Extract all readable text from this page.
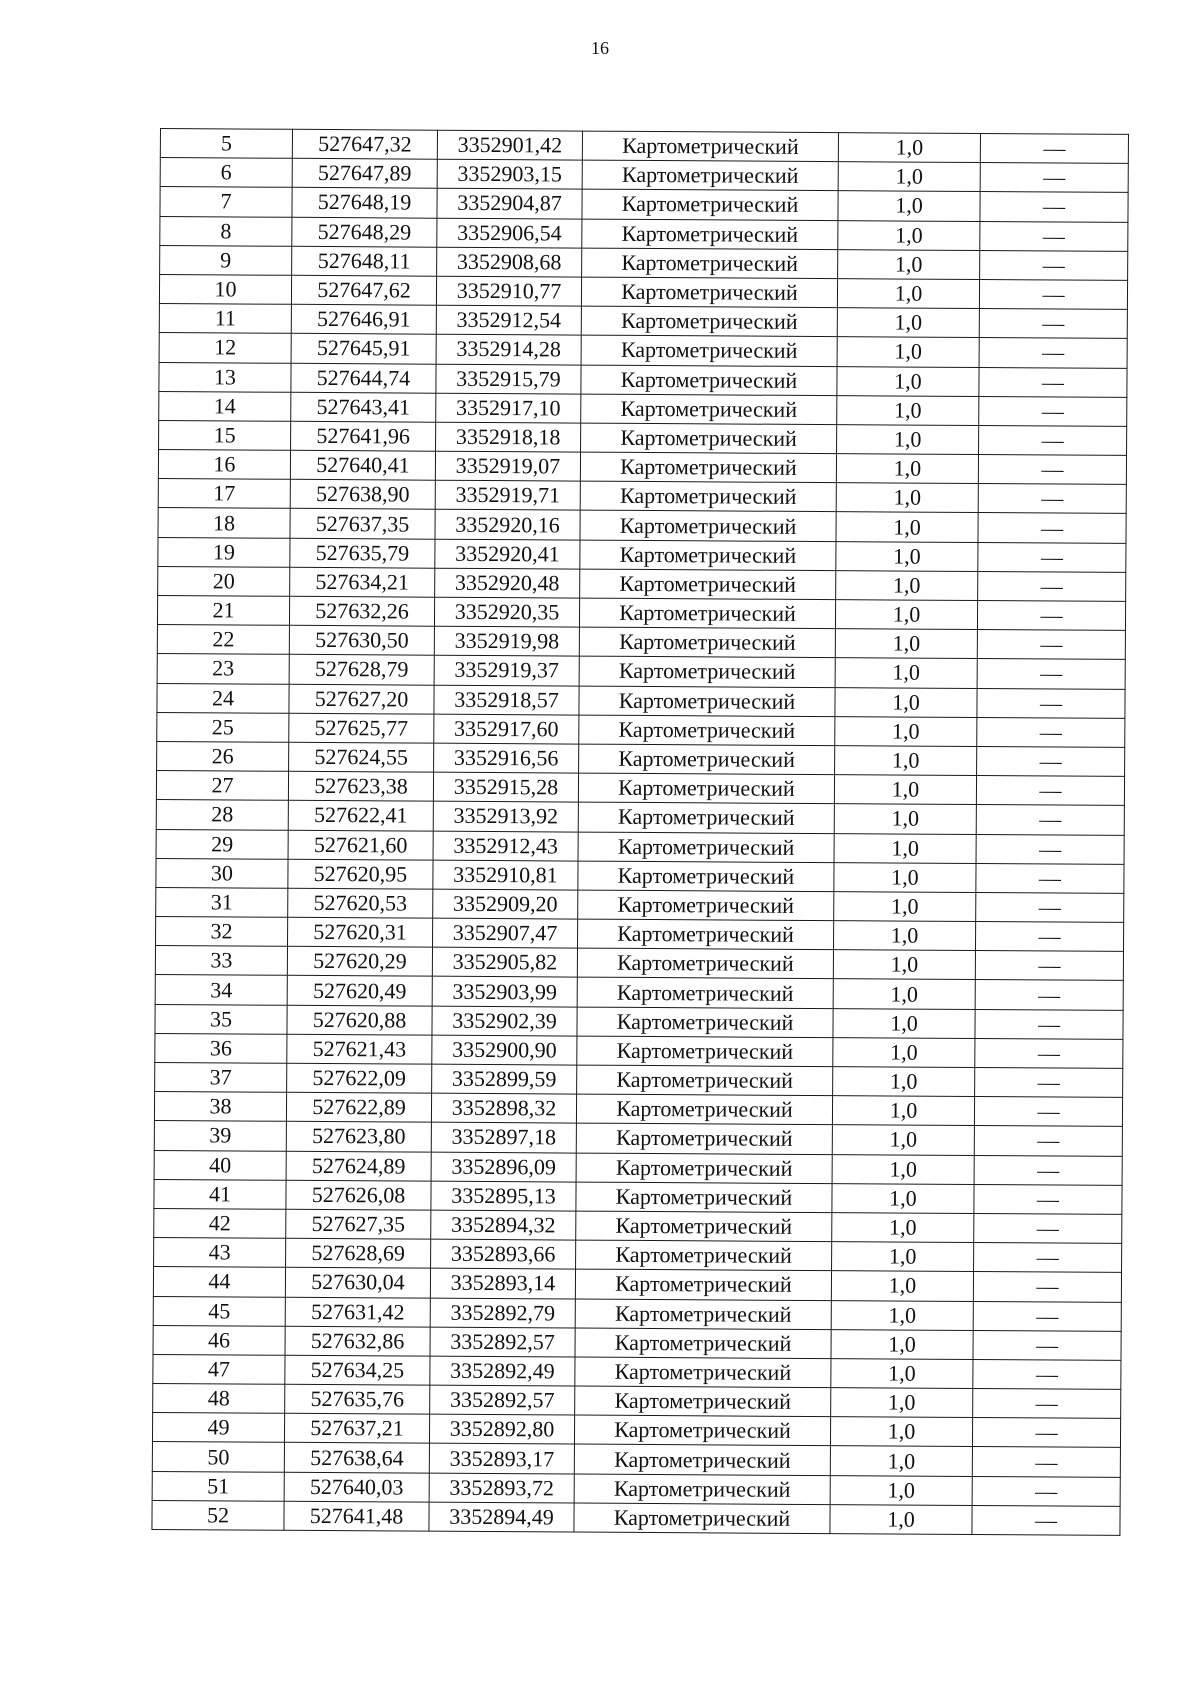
16
5	527647,32	3352901,42	Картометрический	1,0	—
6	527647,89	3352903,15	Картометрический	1,0	—
7	527648,19	3352904,87	Картометрический	1,0	—
8	527648,29	3352906,54	Картометрический	1,0	—
9	527648,11	3352908,68	Картометрический	1,0	—
10	527647,62	3352910,77	Картометрический	1,0	—
11	527646,91	3352912,54	Картометрический	1,0	—
12	527645,91	3352914,28	Картометрический	1,0	—
13	527644,74	3352915,79	Картометрический	1,0	—
14	527643,41	3352917,10	Картометрический	1,0	—
15	527641,96	3352918,18	Картометрический	1,0	—
16	527640,41	3352919,07	Картометрический	1,0	—
17	527638,90	3352919,71	Картометрический	1,0	—
18	527637,35	3352920,16	Картометрический	1,0	—
19	527635,79	3352920,41	Картометрический	1,0	—
20	527634,21	3352920,48	Картометрический	1,0	—
21	527632,26	3352920,35	Картометрический	1,0	—
22	527630,50	3352919,98	Картометрический	1,0	—
23	527628,79	3352919,37	Картометрический	1,0	—
24	527627,20	3352918,57	Картометрический	1,0	—
25	527625,77	3352917,60	Картометрический	1,0	—
26	527624,55	3352916,56	Картометрический	1,0	—
27	527623,38	3352915,28	Картометрический	1,0	—
28	527622,41	3352913,92	Картометрический	1,0	—
29	527621,60	3352912,43	Картометрический	1,0	—
30	527620,95	3352910,81	Картометрический	1,0	—
31	527620,53	3352909,20	Картометрический	1,0	—
32	527620,31	3352907,47	Картометрический	1,0	—
33	527620,29	3352905,82	Картометрический	1,0	—
34	527620,49	3352903,99	Картометрический	1,0	—
35	527620,88	3352902,39	Картометрический	1,0	—
36	527621,43	3352900,90	Картометрический	1,0	—
37	527622,09	3352899,59	Картометрический	1,0	—
38	527622,89	3352898,32	Картометрический	1,0	—
39	527623,80	3352897,18	Картометрический	1,0	—
40	527624,89	3352896,09	Картометрический	1,0	—
41	527626,08	3352895,13	Картометрический	1,0	—
42	527627,35	3352894,32	Картометрический	1,0	—
43	527628,69	3352893,66	Картометрический	1,0	—
44	527630,04	3352893,14	Картометрический	1,0	—
45	527631,42	3352892,79	Картометрический	1,0	—
46	527632,86	3352892,57	Картометрический	1,0	—
47	527634,25	3352892,49	Картометрический	1,0	—
48	527635,76	3352892,57	Картометрический	1,0	—
49	527637,21	3352892,80	Картометрический	1,0	—
50	527638,64	3352893,17	Картометрический	1,0	—
51	527640,03	3352893,72	Картометрический	1,0	—
52	527641,48	3352894,49	Картометрический	1,0	—
